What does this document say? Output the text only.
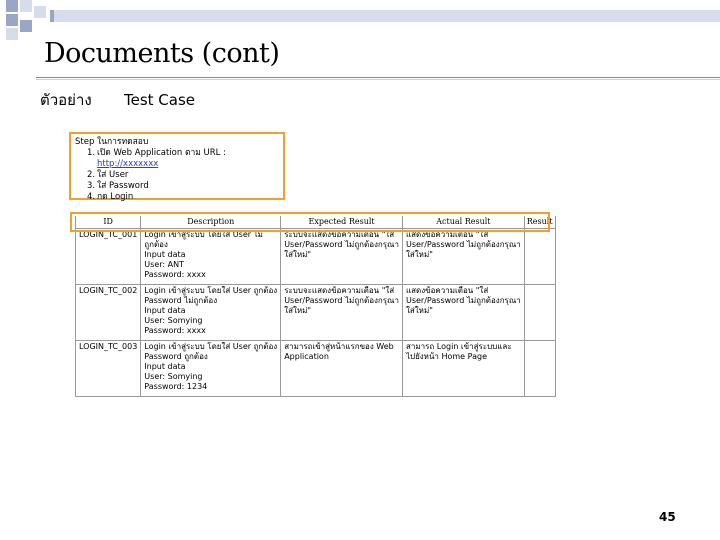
Documents (cont)
ตัวอย่าง Test Case
Step ในการทดสอบ
1. เปิด Web Application ตาม URL : http://xxxxxxx
2. ใส่ User
3. ใส่ Password
4. กด Login
ID	Description	Expected Result	Actual Result	Result
LOGIN_TC_001	Login เข้าสู่ระบบ โดยใส่ User ไม่
ถูกต้อง
Input data
User: ANT
Password: xxxx	ระบบจะแสดงข้อความเตือน "ใส่
User/Password ไม่ถูกต้องกรุณา
ใส่ใหม่"	แสดงข้อความเตือน "ใส่
User/Password ไม่ถูกต้องกรุณา
ใส่ใหม่"	

LOGIN_TC_002	Login เข้าสู่ระบบ โดยใส่ User ถูกต้อง
Password ไม่ถูกต้อง
Input data
User: Somying
Password: xxxx	ระบบจะแสดงข้อความเตือน "ใส่
User/Password ไม่ถูกต้องกรุณา
ใส่ใหม่"	แสดงข้อความเตือน "ใส่
User/Password ไม่ถูกต้องกรุณา
ใส่ใหม่"	

LOGIN_TC_003	Login เข้าสู่ระบบ โดยใส่ User ถูกต้อง
Password ถูกต้อง
Input data
User: Somying
Password: 1234	สามารถเข้าสู่หน้าแรกของ Web
Application	สามารถ Login เข้าสู่ระบบและ
ไปยังหน้า Home Page	

45
